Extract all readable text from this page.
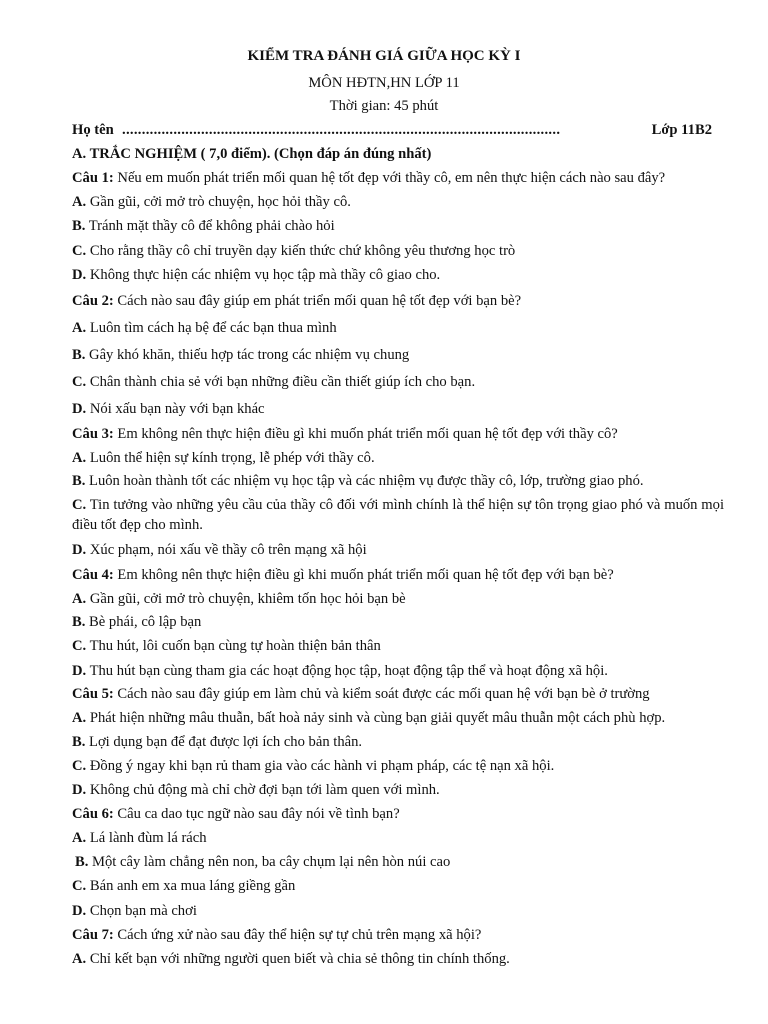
KIỂM TRA ĐÁNH GIÁ GIỮA HỌC KỲ I
MÔN HĐTN,HN LỚP 11
Thời gian: 45 phút
Họ tên ...............................................................................................................	Lớp 11B2
A. TRẮC NGHIỆM ( 7,0 điểm). (Chọn đáp án đúng nhất)
Câu 1: Nếu em muốn phát triển mối quan hệ tốt đẹp với thầy cô, em nên thực hiện cách nào sau đây?
A. Gần gũi, cởi mở trò chuyện, học hỏi thầy cô.
B. Tránh mặt thầy cô để không phải chào hỏi
C. Cho rằng thầy cô chỉ truyền dạy kiến thức chứ không yêu thương học trò
D. Không thực hiện các nhiệm vụ học tập mà thầy cô giao cho.
Câu 2: Cách nào sau đây giúp em phát triển mối quan hệ tốt đẹp với bạn bè?
A. Luôn tìm cách hạ bệ để các bạn thua mình
B. Gây khó khăn, thiếu hợp tác trong các nhiệm vụ chung
C. Chân thành chia sẻ với bạn những điều cần thiết giúp ích cho bạn.
D. Nói xấu bạn này với bạn khác
Câu 3: Em không nên thực hiện điều gì khi muốn phát triển mối quan hệ tốt đẹp với thầy cô?
A. Luôn thể hiện sự kính trọng, lễ phép với thầy cô.
B. Luôn hoàn thành tốt các nhiệm vụ học tập và các nhiệm vụ được thầy cô, lớp, trường giao phó.
C. Tin tưởng vào những yêu cầu của thầy cô đối với mình chính là thể hiện sự tôn trọng giao phó và muốn mọi điều tốt đẹp cho mình.
D. Xúc phạm, nói xấu về thầy cô trên mạng xã hội
Câu 4: Em không nên thực hiện điều gì khi muốn phát triển mối quan hệ tốt đẹp với bạn bè?
A. Gần gũi, cởi mở trò chuyện, khiêm tốn học hỏi bạn bè
B. Bè phái, cô lập bạn
C. Thu hút, lôi cuốn bạn cùng tự hoàn thiện bản thân
D. Thu hút bạn cùng tham gia các hoạt động học tập, hoạt động tập thể và hoạt động xã hội.
Câu 5: Cách nào sau đây giúp em làm chủ và kiểm soát được các mối quan hệ với bạn bè ở trường
A. Phát hiện những mâu thuẫn, bất hoà nảy sinh và cùng bạn giải quyết mâu thuẫn một cách phù hợp.
B. Lợi dụng bạn để đạt được lợi ích cho bản thân.
C. Đồng ý ngay khi bạn rủ tham gia vào các hành vi phạm pháp, các tệ nạn xã hội.
D. Không chủ động mà chỉ chờ đợi bạn tới làm quen với mình.
Câu 6: Câu ca dao tục ngữ nào sau đây nói về tình bạn?
A. Lá lành đùm lá rách
B. Một cây làm chẳng nên non, ba cây chụm lại nên hòn núi cao
C. Bán anh em xa mua láng giềng gần
D. Chọn bạn mà chơi
Câu 7: Cách ứng xử nào sau đây thể hiện sự tự chủ trên mạng xã hội?
A. Chỉ kết bạn với những người quen biết và chia sẻ thông tin chính thống.
